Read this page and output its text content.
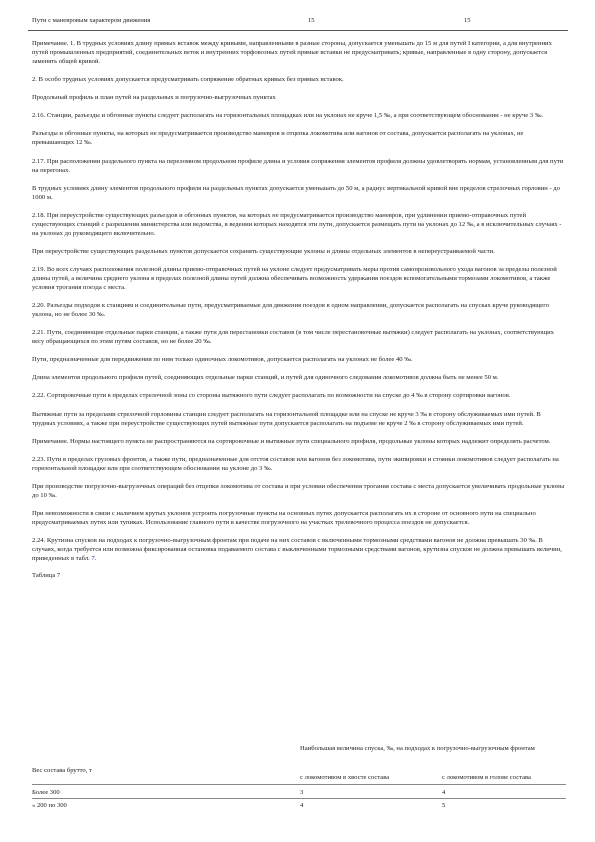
Пути с маневровым характером движения	15	15

Примечание. 1. В трудных условиях длину прямых вставок между кривыми, направленными в разные стороны, допускается уменьшать до 15 м для путей I категории, а для внутренних путей промышленных предприятий, соединительных веток и внутренних торфовозных путей прямые вставки не предусматривать; кривые, направленные в одну сторону, допускается заменять общей кривой.

2. В особо трудных условиях допускается предусматривать сопряжение обратных кривых без прямых вставок.

Продольный профиль и план путей на раздельных и погрузочно-выгрузочных пунктах

2.16. Станции, разъезды и обгонные пункты следует располагать на горизонтальных площадках или на уклонах не круче 1,5 ‰, а при соответствующем обосновании - не круче 3 ‰.

Разъезды и обгонные пункты, на которых не предусматривается производство маневров и отцепка локомотива или вагонов от состава, допускается располагать на уклонах, не превышающих 12 ‰.

2.17. При расположении раздельного пункта на переломном продольном профиле длина и условия сопряжения элементов профиля должны удовлетворять нормам, установленным для пути на перегонах.

В трудных условиях длину элементов продольного профиля на раздельных пунктах допускается уменьшать до 50 м, а радиус вертикальной кривой вне пределов стрелочных горловин - до 1000 м.

2.18. При переустройстве существующих разъездов и обгонных пунктов, на которых не предусматривается производство маневров, при удлинении приемо-отправочных путей существующих станций с разрешения министерства или ведомства, в ведении которых находятся эти пути, допускается размещать пути на уклонах до 12 ‰, а в исключительных случаях - на уклонах до руководящего включительно.

При переустройстве существующих раздельных пунктов допускается сохранять существующие уклоны и длины отдельных элементов в непереустраиваемой части.

2.19. Во всех случаях расположения полезной длины приемо-отправочных путей на уклоне следует предусматривать меры против самопроизвольного ухода вагонов за пределы полезной длины путей, а величина среднего уклона в пределах полезной длины путей должна обеспечивать возможность удержания поездов вспомогательными тормозами локомотивов, а также условия трогания поезда с места.

2.20. Разъезды подходов к станциям и соединительные пути, предусматриваемые для движения поездов в одном направлении, допускается располагать на спусках круче руководящего уклона, но не более 30 ‰.

2.21. Пути, соединяющие отдельные парки станции, а также пути для перестановки составов (в том числе перестановочные вытяжки) следует располагать на уклонах, соответствующих весу обращающихся по этим путям составов, но не более 20 ‰.

Пути, предназначенные для передвижения по ним только одиночных локомотивов, допускается располагать на уклонах не более 40 ‰.

Длина элементов продольного профиля путей, соединяющих отдельные парки станций, и путей для одиночного следования локомотивов должна быть не менее 50 м.

2.22. Сортировочные пути в пределах стрелочной зоны со стороны вытяжного пути следует располагать по возможности на спуске до 4 ‰ в сторону сортировки вагонов.

Вытяжные пути за пределами стрелочной горловины станции следует располагать на горизонтальной площадке или на спуске не круче 3 ‰ в сторону обслуживаемых ими путей. В трудных условиях, а также при переустройстве существующих путей вытяжные пути допускается располагать на подъеме не круче 2 ‰ в сторону обслуживаемых ими путей.

Примечание. Нормы настоящего пункта не распространяются на сортировочные и вытяжные пути специального профиля, продольные уклоны которых надлежит определять расчетом.

2.23. Пути в пределах грузовых фронтов, а также пути, предназначенные для отстоя составов или вагонов без локомотива, пути экипировки и стоянки локомотивов следует располагать на горизонтальной площадке или при соответствующем обосновании на уклоне до 3 ‰.

При производстве погрузочно-выгрузочных операций без отцепки локомотива от состава и при условии обеспечения трогания состава с места допускается увеличивать продольные уклоны до 10 ‰.

При невозможности в связи с наличием крутых уклонов устроить погрузочные пункты на основных путях допускается располагать их в стороне от основного пути на специально предусматриваемых путях или тупиках. Использование главного пути в качестве погрузочного на участках трелевочного процесса поездов не допускается.

2.24. Крутизна спусков на подходах к погрузочно-выгрузочным фронтам при подаче на них составов с включенными тормозными средствами вагонов не должна превышать 30 ‰. В случаях, когда требуется или возможна фиксированная остановка подаваемого состава с выключенными тормозными средствами вагонов, крутизна спусков не должна превышать величин, приведенных в табл. 7.

Таблица 7

Вес состава брутто, т
Наибольшая величина спуска, ‰, на подходах к погрузочно-выгрузочным фронтам
с локомотивом в хвосте состава	с локомотивом в голове состава
Более 300	3	4
« 200 по 300	4	5
